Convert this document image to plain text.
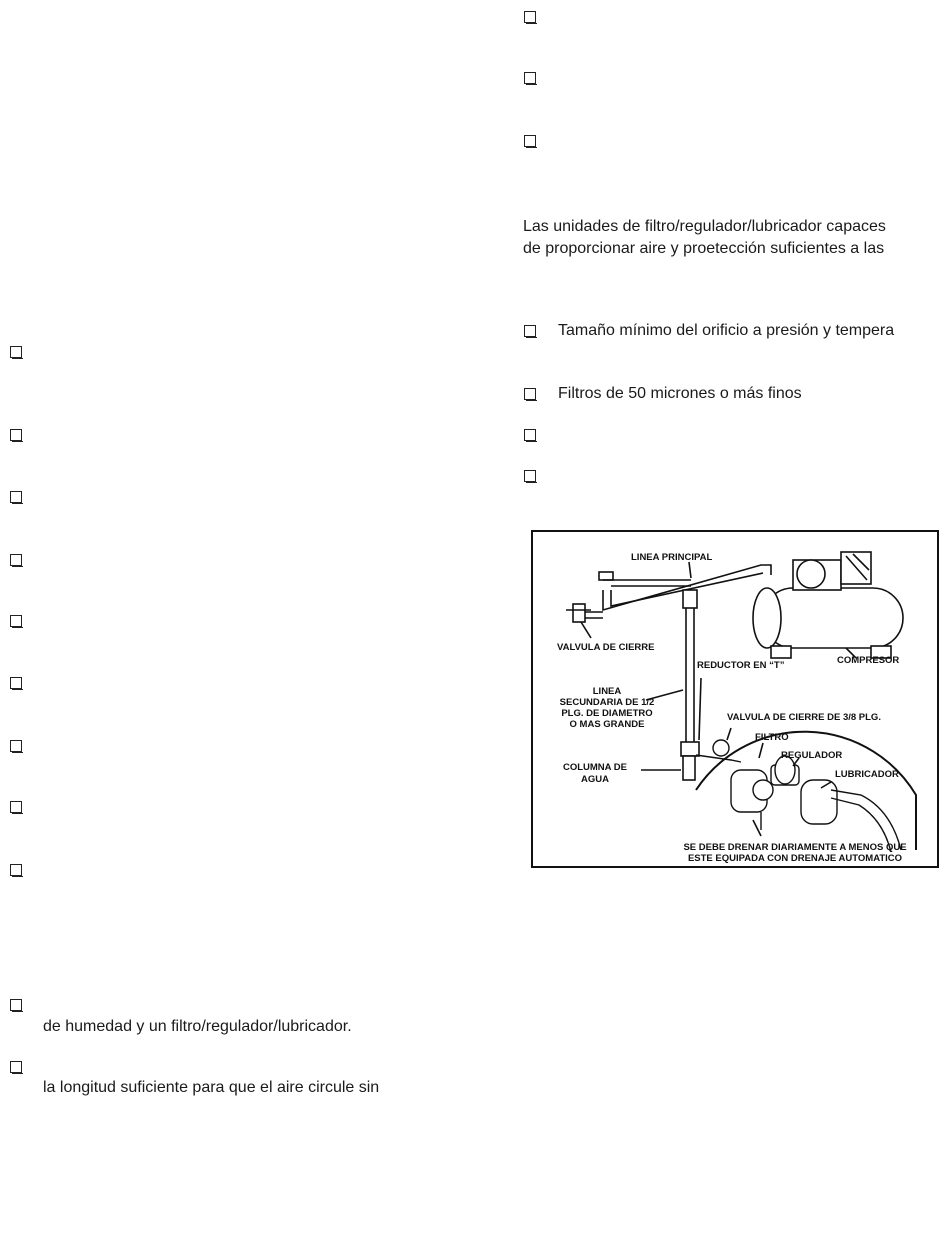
Las unidades de filtro/regulador/lubricador capaces
de proporcionar aire y proetección suficientes a las
Tamaño mínimo del orificio a presión y tempera
Filtros de 50 micrones o más finos
de humedad y un filtro/regulador/lubricador.
la longitud suficiente para que el aire circule sin
LINEA PRINCIPAL
VALVULA DE CIERRE
COMPRESOR
REDUCTOR EN “T”
LINEA
SECUNDARIA DE 1/2
PLG. DE DIAMETRO
O MAS GRANDE
VALVULA DE CIERRE DE 3/8 PLG.
FILTRO
REGULADOR
LUBRICADOR
COLUMNA DE
AGUA
SE DEBE DRENAR DIARIAMENTE A MENOS QUE
ESTE EQUIPADA CON DRENAJE AUTOMATICO
